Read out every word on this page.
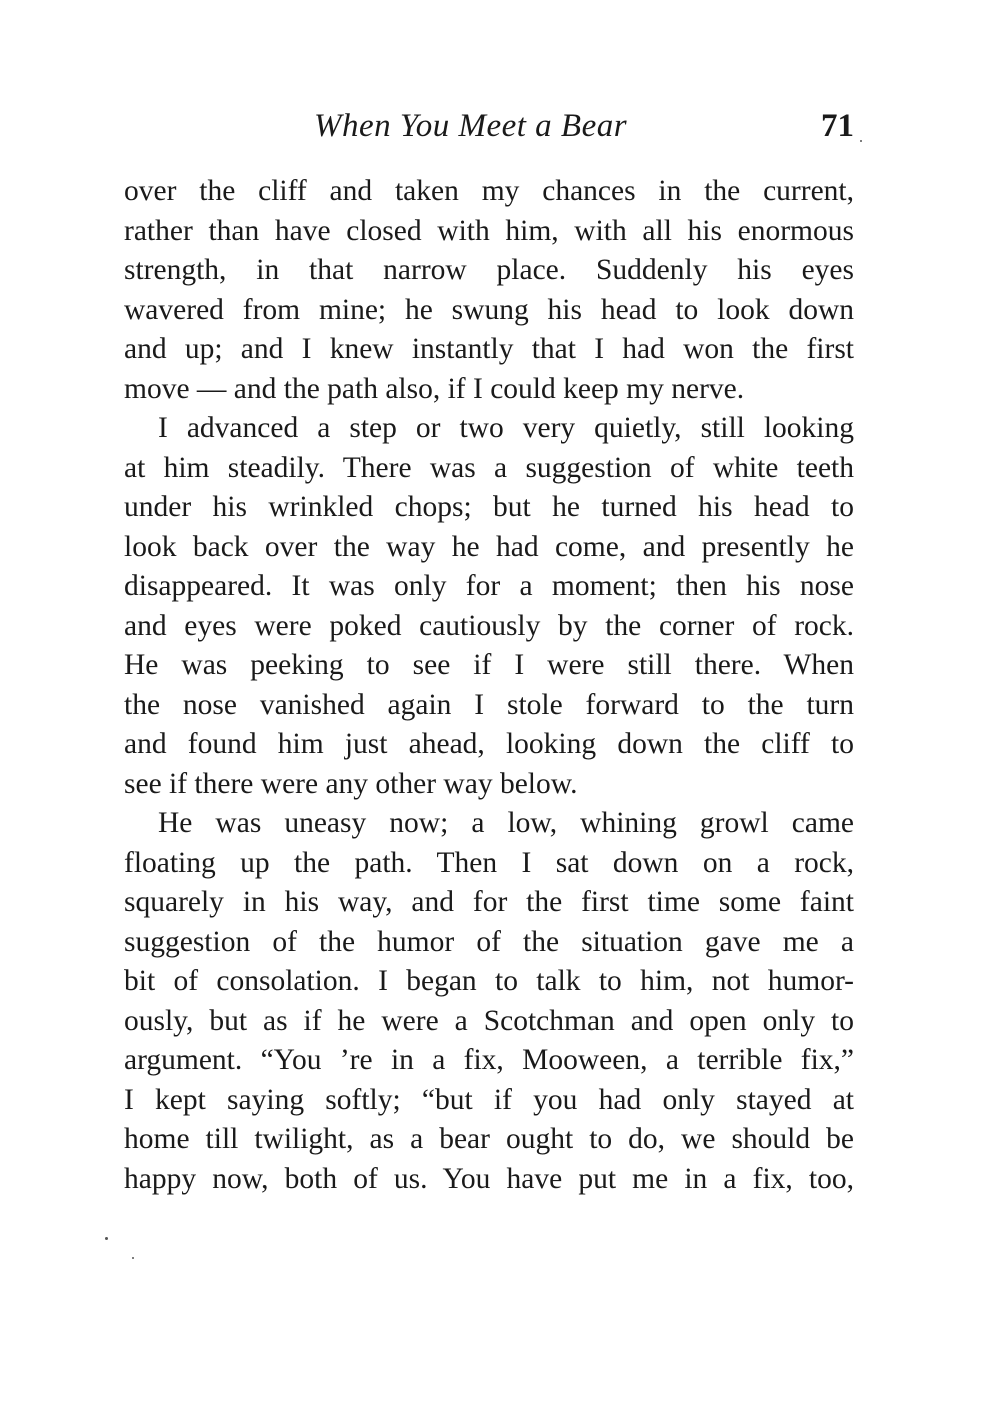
When You Meet a Bear	71
over the cliff and taken my chances in the current,
rather than have closed with him, with all his enormous
strength, in that narrow place. Suddenly his eyes
wavered from mine; he swung his head to look down
and up; and I knew instantly that I had won the first
move — and the path also, if I could keep my nerve.
I advanced a step or two very quietly, still looking
at him steadily. There was a suggestion of white teeth
under his wrinkled chops; but he turned his head to
look back over the way he had come, and presently he
disappeared. It was only for a moment; then his nose
and eyes were poked cautiously by the corner of rock.
He was peeking to see if I were still there. When
the nose vanished again I stole forward to the turn
and found him just ahead, looking down the cliff to
see if there were any other way below.
He was uneasy now; a low, whining growl came
floating up the path. Then I sat down on a rock,
squarely in his way, and for the first time some faint
suggestion of the humor of the situation gave me a
bit of consolation. I began to talk to him, not humor-
ously, but as if he were a Scotchman and open only to
argument. “You ’re in a fix, Mooween, a terrible fix,”
I kept saying softly; “but if you had only stayed at
home till twilight, as a bear ought to do, we should be
happy now, both of us. You have put me in a fix, too,
